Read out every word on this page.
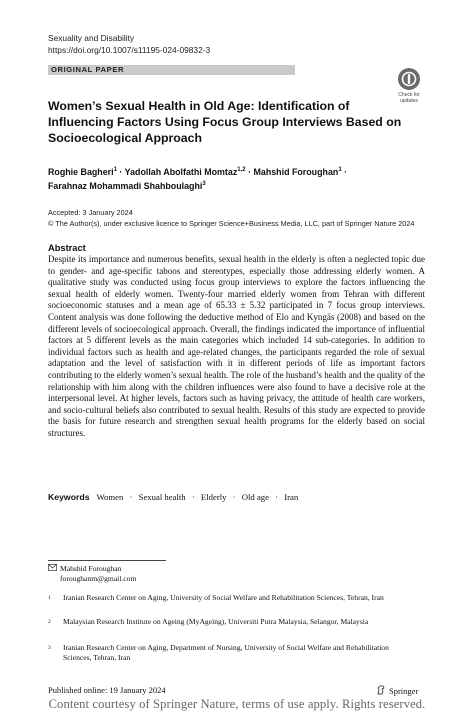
Sexuality and Disability
https://doi.org/10.1007/s11195-024-09832-3
ORIGINAL PAPER
Check for
updates
Women’s Sexual Health in Old Age: Identification of Influencing Factors Using Focus Group Interviews Based on Socioecological Approach
Roghie Bagheri$^1$ · Yadollah Abolfathi Momtaz$^{1,2}$ · Mahshid Foroughan$^1$ ·
Farahnaz Mohammadi Shahboulaghi$^3$
Accepted: 3 January 2024
© The Author(s), under exclusive licence to Springer Science+Business Media, LLC, part of Springer Nature 2024
Abstract
Despite its importance and numerous benefits, sexual health in the elderly is often a neglected topic due to gender- and age-specific taboos and stereotypes, especially those addressing elderly women. A qualitative study was conducted using focus group interviews to explore the factors influencing the sexual health of elderly women. Twenty-four married elderly women from Tehran with different socioeconomic statuses and a mean age of 65.33 ± 5.32 participated in 7 focus group interviews. Content analysis was done following the deductive method of Elo and Kyngäs (2008) and based on the different levels of socioecological approach. Overall, the findings indicated the importance of influential factors at 5 different levels as the main categories which included 14 sub-categories. In addition to individual factors such as health and age-related changes, the participants regarded the role of sexual adaptation and the level of satisfaction with it in different periods of life as important factors contributing to the elderly women’s sexual health. The role of the husband’s health and the quality of the relationship with him along with the children influences were also found to have a decisive role at the interpersonal level. At higher levels, factors such as having privacy, the attitude of health care workers, and socio-cultural beliefs also contributed to sexual health. Results of this study are expected to provide the basis for future research and strengthen sexual health programs for the elderly based on social structures.
Keywords Women · Sexual health · Elderly · Old age · Iran
Mahshid Foroughan
foroughanm@gmail.com
1 Iranian Research Center on Aging, University of Social Welfare and Rehabilitation Sciences, Tehran, Iran
2 Malaysian Research Institute on Ageing (MyAgeing), Universiti Putra Malaysia, Selangor, Malaysia
3 Iranian Research Center on Aging, Department of Nursing, University of Social Welfare and Rehabilitation Sciences, Tehran, Iran
Published online: 19 January 2024	Springer
Content courtesy of Springer Nature, terms of use apply. Rights reserved.
